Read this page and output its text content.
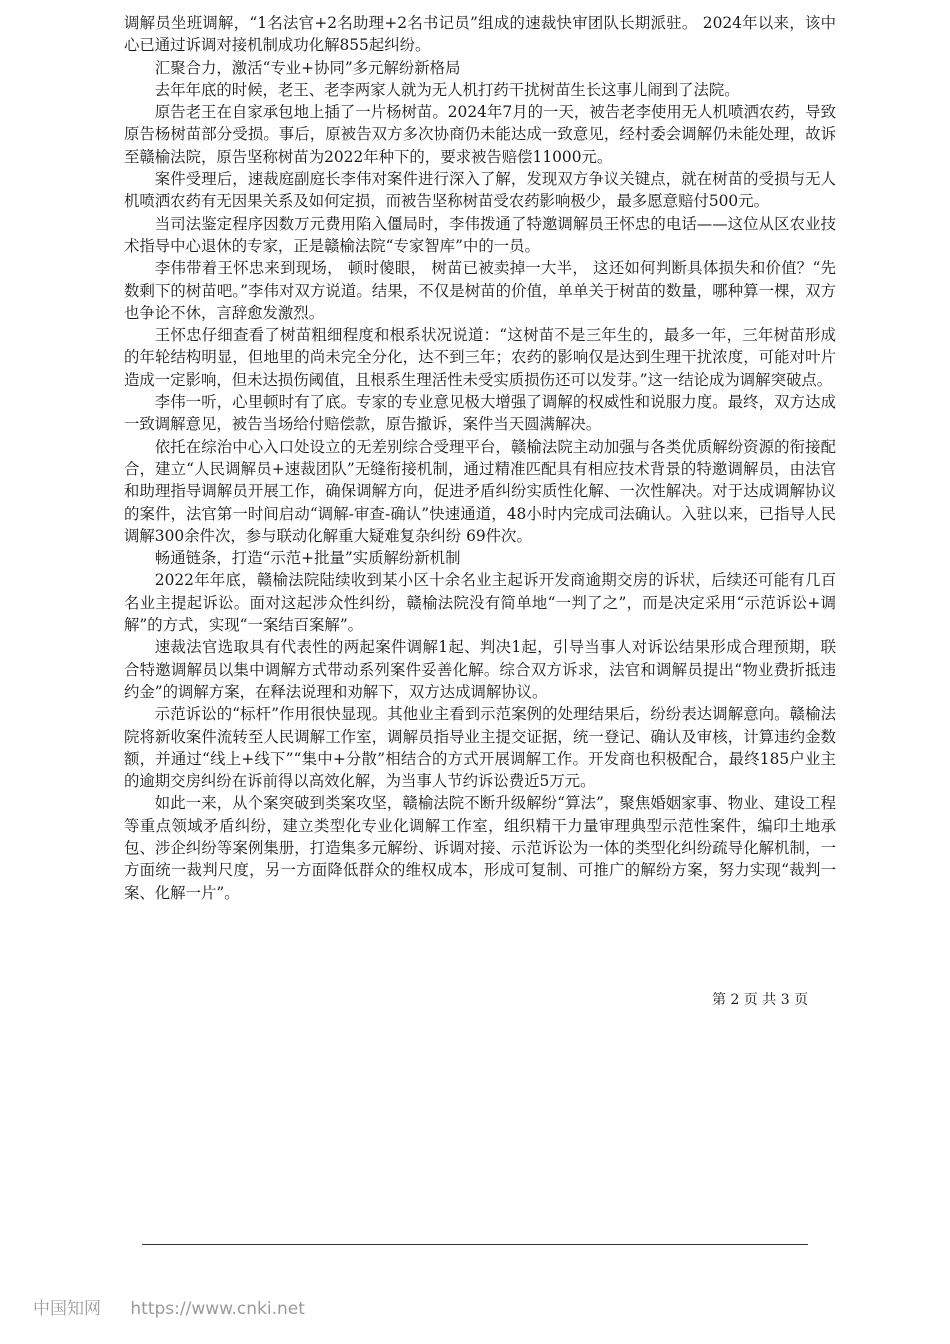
调解员坐班调解，“1名法官+2名助理+2名书记员”组成的速裁快审团队长期派驻。 2024年以来，该中心已通过诉调对接机制成功化解855起纠纷。

汇聚合力，激活“专业+协同”多元解纷新格局

去年年底的时候，老王、老李两家人就为无人机打药干扰树苗生长这事儿闹到了法院。

原告老王在自家承包地上插了一片杨树苗。2024年7月的一天，被告老李使用无人机喷洒农药，导致原告杨树苗部分受损。事后，原被告双方多次协商仍未能达成一致意见，经村委会调解仍未能处理，故诉至赣榆法院，原告坚称树苗为2022年种下的，要求被告赔偿11000元。

案件受理后，速裁庭副庭长李伟对案件进行深入了解，发现双方争议关键点，就在树苗的受损与无人机喷洒农药有无因果关系及如何定损，而被告坚称树苗受农药影响极少，最多愿意赔付500元。

当司法鉴定程序因数万元费用陷入僵局时，李伟拨通了特邀调解员王怀忠的电话——这位从区农业技术指导中心退休的专家，正是赣榆法院“专家智库”中的一员。

李伟带着王怀忠来到现场， 顿时傻眼， 树苗已被卖掉一大半， 这还如何判断具体损失和价值？“先数剩下的树苗吧。”李伟对双方说道。结果，不仅是树苗的价值，单单关于树苗的数量，哪种算一棵，双方也争论不休，言辞愈发激烈。

王怀忠仔细查看了树苗粗细程度和根系状况说道：“这树苗不是三年生的，最多一年，三年树苗形成的年轮结构明显，但地里的尚未完全分化，达不到三年；农药的影响仅是达到生理干扰浓度，可能对叶片造成一定影响，但未达损伤阈值，且根系生理活性未受实质损伤还可以发芽。”这一结论成为调解突破点。

李伟一听，心里顿时有了底。专家的专业意见极大增强了调解的权威性和说服力度。最终，双方达成一致调解意见，被告当场给付赔偿款，原告撤诉，案件当天圆满解决。

依托在综治中心入口处设立的无差别综合受理平台，赣榆法院主动加强与各类优质解纷资源的衔接配合，建立“人民调解员+速裁团队”无缝衔接机制，通过精准匹配具有相应技术背景的特邀调解员，由法官和助理指导调解员开展工作，确保调解方向，促进矛盾纠纷实质性化解、一次性解决。对于达成调解协议的案件，法官第一时间启动“调解-审查-确认”快速通道，48小时内完成司法确认。入驻以来，已指导人民调解300余件次，参与联动化解重大疑难复杂纠纷 69件次。

畅通链条，打造“示范+批量”实质解纷新机制

2022年年底，赣榆法院陆续收到某小区十余名业主起诉开发商逾期交房的诉状，后续还可能有几百名业主提起诉讼。面对这起涉众性纠纷，赣榆法院没有简单地“一判了之”，而是决定采用“示范诉讼+调解”的方式，实现“一案结百案解”。

速裁法官选取具有代表性的两起案件调解1起、判决1起，引导当事人对诉讼结果形成合理预期，联合特邀调解员以集中调解方式带动系列案件妥善化解。综合双方诉求，法官和调解员提出“物业费折抵违约金”的调解方案，在释法说理和劝解下，双方达成调解协议。

示范诉讼的“标杆”作用很快显现。其他业主看到示范案例的处理结果后，纷纷表达调解意向。赣榆法院将新收案件流转至人民调解工作室，调解员指导业主提交证据，统一登记、确认及审核，计算违约金数额，并通过“线上+线下”“集中+分散”相结合的方式开展调解工作。开发商也积极配合，最终185户业主的逾期交房纠纷在诉前得以高效化解，为当事人节约诉讼费近5万元。

如此一来，从个案突破到类案攻坚，赣榆法院不断升级解纷“算法”，聚焦婚姻家事、物业、建设工程等重点领域矛盾纠纷，建立类型化专业化调解工作室，组织精干力量审理典型示范性案件，编印土地承包、涉企纠纷等案例集册，打造集多元解纷、诉调对接、示范诉讼为一体的类型化纠纷疏导化解机制，一方面统一裁判尺度，另一方面降低群众的维权成本，形成可复制、可推广的解纷方案，努力实现“裁判一案、化解一片”。

第 2 页 共 3 页
中国知网 https://www.cnki.net
